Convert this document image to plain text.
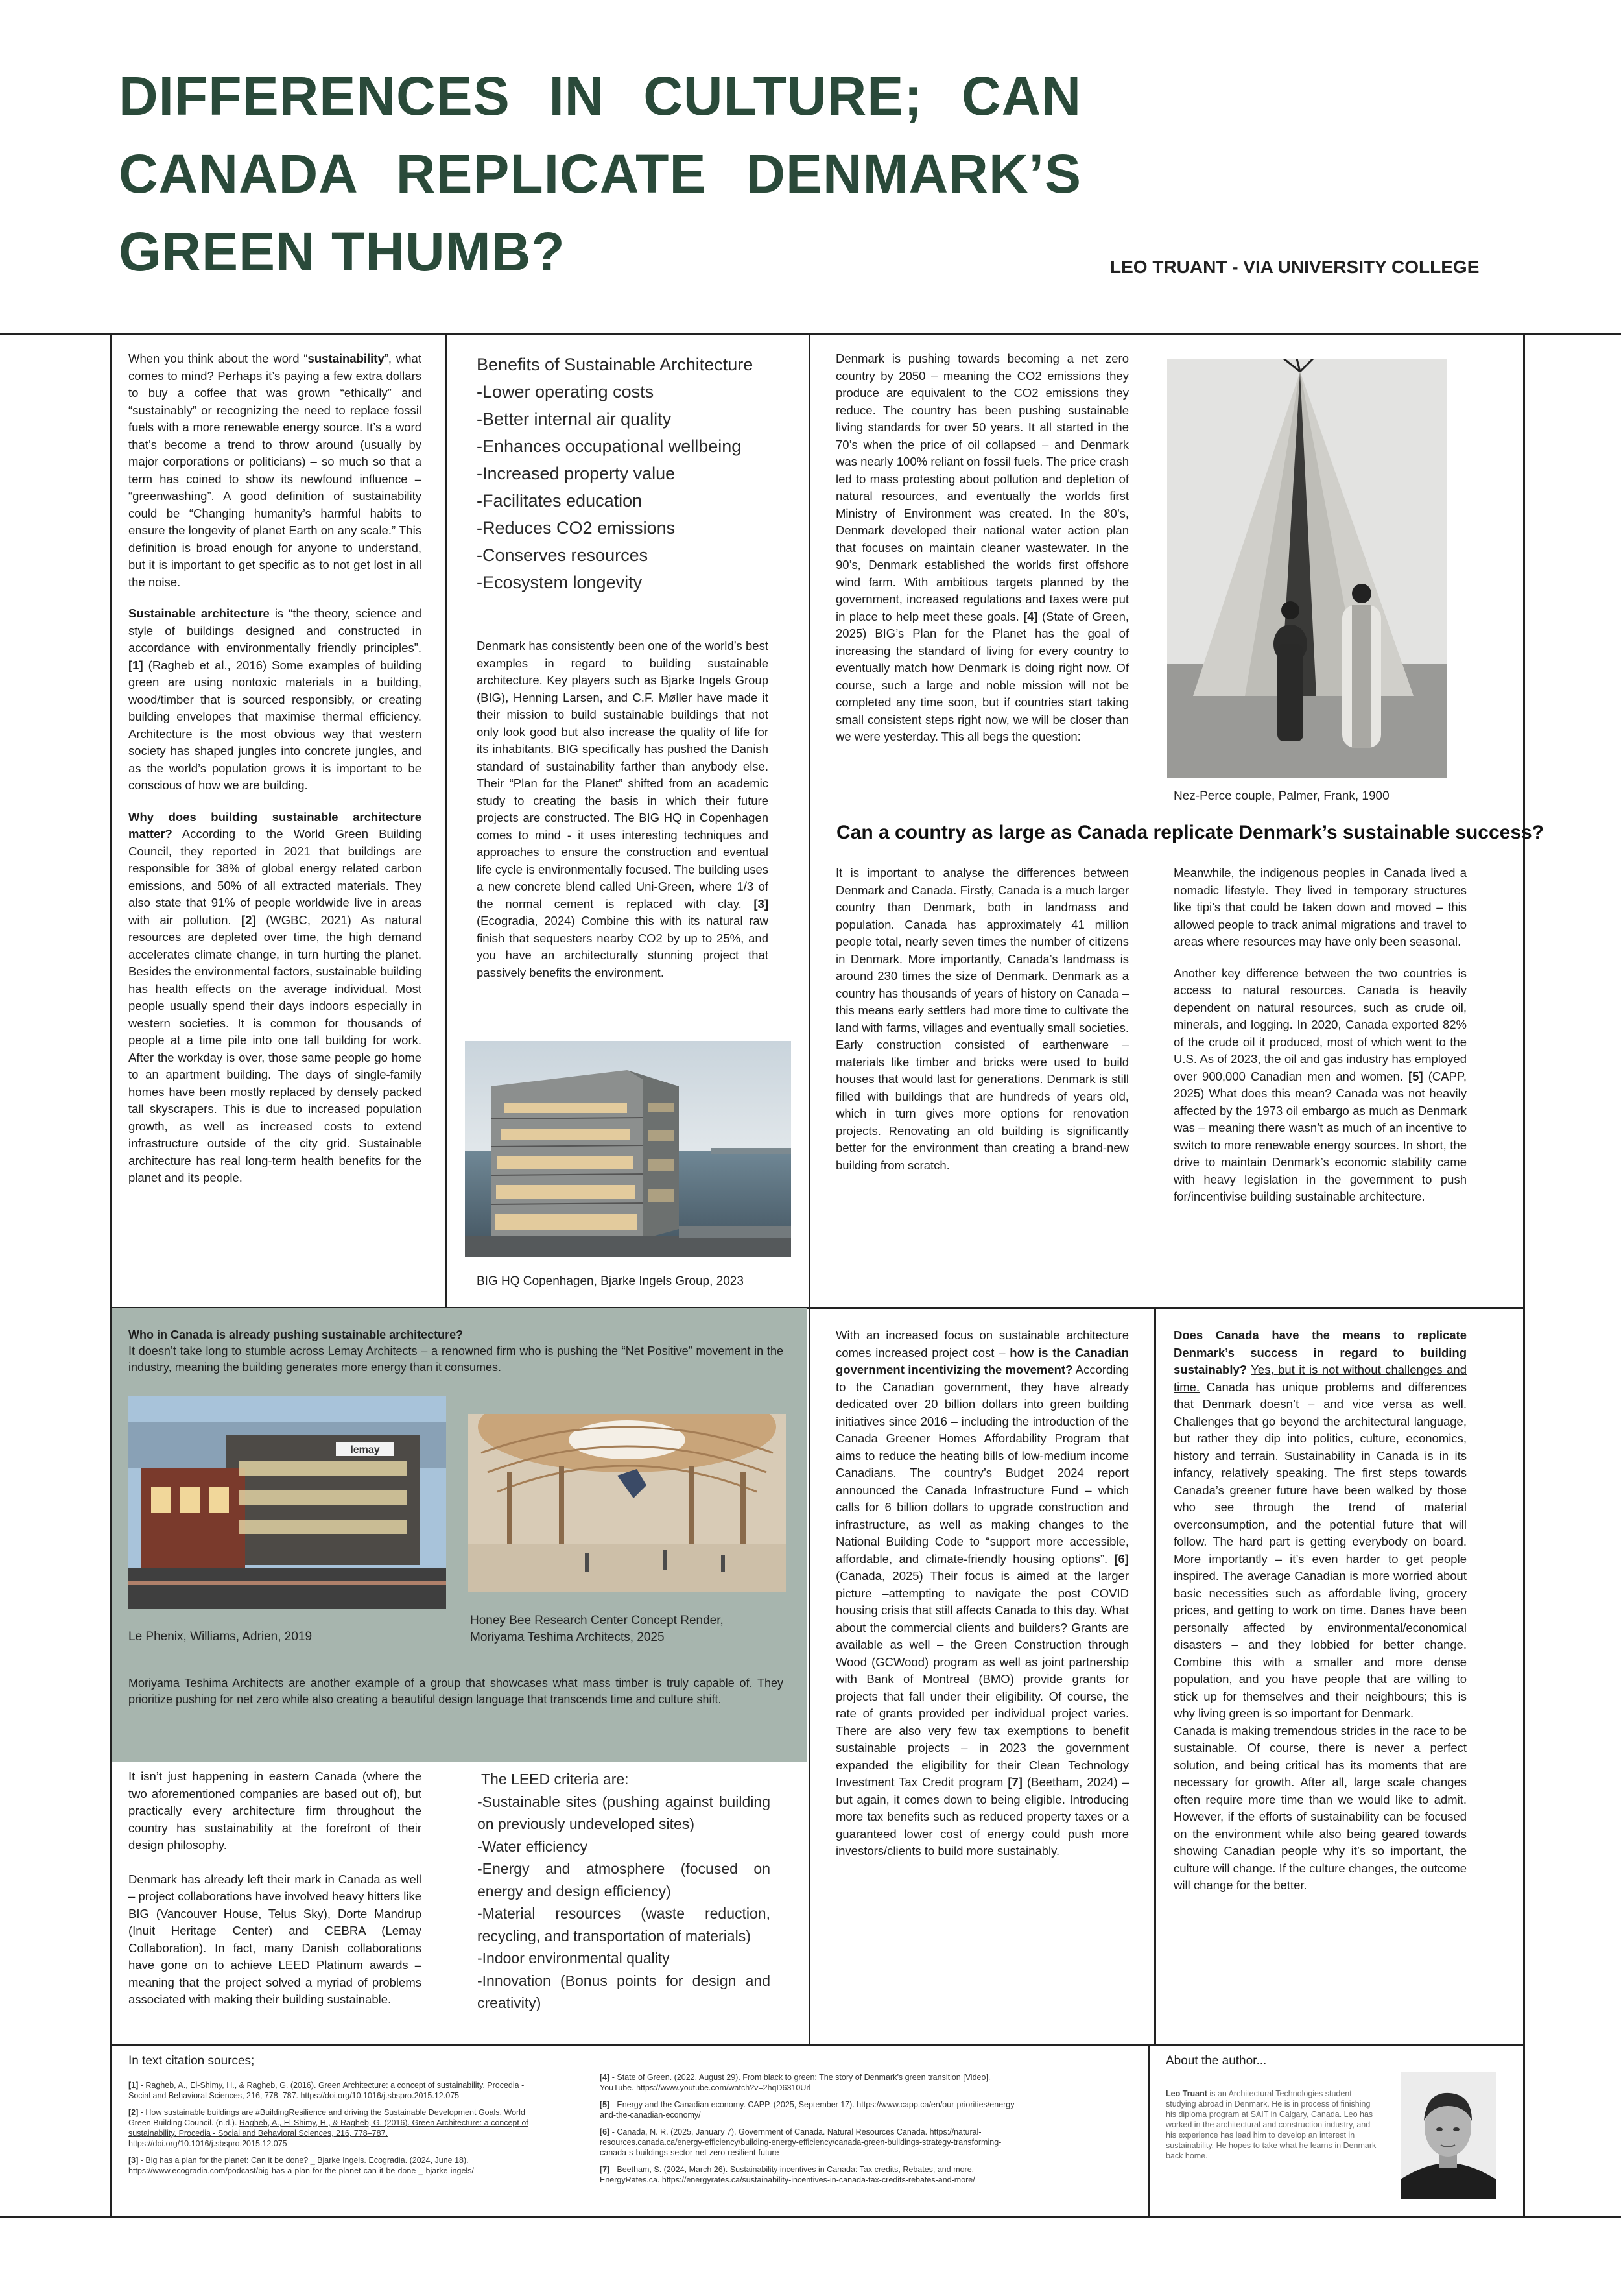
DIFFERENCES IN CULTURE; CAN
CANADA REPLICATE DENMARK’S
GREEN THUMB?	LEO TRUANT - VIA UNIVERSITY COLLEGE

When you think about the word “sustainability”, what comes to mind? Perhaps it’s paying a few extra dollars to buy a coffee that was grown “ethically” and “sustainably” or recognizing the need to replace fossil fuels with a more renewable energy source. It’s a word that’s become a trend to throw around (usually by major corporations or politicians) – so much so that a term has coined to show its newfound influence – “greenwashing”. A good definition of sustainability could be “Changing humanity’s harmful habits to ensure the longevity of planet Earth on any scale.” This definition is broad enough for anyone to understand, but it is important to get specific as to not get lost in all the noise.

Sustainable architecture is “the theory, science and style of buildings designed and constructed in accordance with environmentally friendly principles”. [1] (Ragheb et al., 2016) Some examples of building green are using nontoxic materials in a building, wood/timber that is sourced responsibly, or creating building envelopes that maximise thermal efficiency. Architecture is the most obvious way that western society has shaped jungles into concrete jungles, and as the world’s population grows it is important to be conscious of how we are building.

Why does building sustainable architecture matter? According to the World Green Building Council, they reported in 2021 that buildings are responsible for 38% of global energy related carbon emissions, and 50% of all extracted materials. They also state that 91% of people worldwide live in areas with air pollution. [2] (WGBC, 2021) As natural resources are depleted over time, the high demand accelerates climate change, in turn hurting the planet. Besides the environmental factors, sustainable building has health effects on the average individual. Most people usually spend their days indoors especially in western societies. It is common for thousands of people at a time pile into one tall building for work. After the workday is over, those same people go home to an apartment building. The days of single-family homes have been mostly replaced by densely packed tall skyscrapers. This is due to increased population growth, as well as increased costs to extend infrastructure outside of the city grid. Sustainable architecture has real long-term health benefits for the planet and its people.

Benefits of Sustainable Architecture
-Lower operating costs
-Better internal air quality
-Enhances occupational wellbeing
-Increased property value
-Facilitates education
-Reduces CO2 emissions
-Conserves resources
-Ecosystem longevity

Denmark has consistently been one of the world’s best examples in regard to building sustainable architecture. Key players such as Bjarke Ingels Group (BIG), Henning Larsen, and C.F. Møller have made it their mission to build sustainable buildings that not only look good but also increase the quality of life for its inhabitants. BIG specifically has pushed the Danish standard of sustainability farther than anybody else. Their “Plan for the Planet” shifted from an academic study to creating the basis in which their future projects are constructed. The BIG HQ in Copenhagen comes to mind - it uses interesting techniques and approaches to ensure the construction and eventual life cycle is environmentally focused. The building uses a new concrete blend called Uni-Green, where 1/3 of the normal cement is replaced with clay. [3] (Ecogradia, 2024) Combine this with its natural raw finish that sequesters nearby CO2 by up to 25%, and you have an architecturally stunning project that passively benefits the environment.

BIG HQ Copenhagen, Bjarke Ingels Group, 2023

Denmark is pushing towards becoming a net zero country by 2050 – meaning the CO2 emissions they produce are equivalent to the CO2 emissions they reduce. The country has been pushing sustainable living standards for over 50 years. It all started in the 70’s when the price of oil collapsed – and Denmark was nearly 100% reliant on fossil fuels. The price crash led to mass protesting about pollution and depletion of natural resources, and eventually the worlds first Ministry of Environment was created. In the 80’s, Denmark developed their national water action plan that focuses on maintain cleaner wastewater. In the 90’s, Denmark established the worlds first offshore wind farm. With ambitious targets planned by the government, increased regulations and taxes were put in place to help meet these goals. [4] (State of Green, 2025) BIG’s Plan for the Planet has the goal of increasing the standard of living for every country to eventually match how Denmark is doing right now. Of course, such a large and noble mission will not be completed any time soon, but if countries start taking small consistent steps right now, we will be closer than we were yesterday. This all begs the question:

Nez-Perce couple, Palmer, Frank, 1900
Can a country as large as Canada replicate Denmark’s sustainable success?

It is important to analyse the differences between Denmark and Canada. Firstly, Canada is a much larger country than Denmark, both in landmass and population. Canada has approximately 41 million people total, nearly seven times the number of citizens in Denmark. More importantly, Canada’s landmass is around 230 times the size of Denmark. Denmark as a country has thousands of years of history on Canada – this means early settlers had more time to cultivate the land with farms, villages and eventually small societies. Early construction consisted of earthenware – materials like timber and bricks were used to build houses that would last for generations. Denmark is still filled with buildings that are hundreds of years old, which in turn gives more options for renovation projects. Renovating an old building is significantly better for the environment than creating a brand-new building from scratch.

Meanwhile, the indigenous peoples in Canada lived a nomadic lifestyle. They lived in temporary structures like tipi’s that could be taken down and moved – this allowed people to track animal migrations and travel to areas where resources may have only been seasonal.

Another key difference between the two countries is access to natural resources. Canada is heavily dependent on natural resources, such as crude oil, minerals, and logging. In 2020, Canada exported 82% of the crude oil it produced, most of which went to the U.S. As of 2023, the oil and gas industry has employed over 900,000 Canadian men and women. [5] (CAPP, 2025) What does this mean? Canada was not heavily affected by the 1973 oil embargo as much as Denmark was – meaning there wasn’t as much of an incentive to switch to more renewable energy sources. In short, the drive to maintain Denmark’s economic stability came with heavy legislation in the government to push for/incentivise building sustainable architecture.

Who in Canada is already pushing sustainable architecture?
It doesn’t take long to stumble across Lemay Architects – a renowned firm who is pushing the “Net Positive” movement in the industry, meaning the building generates more energy than it consumes.
lemay
Le Phenix, Williams, Adrien, 2019
Honey Bee Research Center Concept Render,
Moriyama Teshima Architects, 2025
Moriyama Teshima Architects are another example of a group that showcases what mass timber is truly capable of. They prioritize pushing for net zero while also creating a beautiful design language that transcends time and culture shift.

It isn’t just happening in eastern Canada (where the two aforementioned companies are based out of), but practically every architecture firm throughout the country has sustainability at the forefront of their design philosophy.

Denmark has already left their mark in Canada as well – project collaborations have involved heavy hitters like BIG (Vancouver House, Telus Sky), Dorte Mandrup (Inuit Heritage Center) and CEBRA (Lemay Collaboration). In fact, many Danish collaborations have gone on to achieve LEED Platinum awards – meaning that the project solved a myriad of problems associated with making their building sustainable.

The LEED criteria are:
-Sustainable sites (pushing against building on previously undeveloped sites)
-Water efficiency
-Energy and atmosphere (focused on energy and design efficiency)
-Material resources (waste reduction, recycling, and transportation of materials)
-Indoor environmental quality
-Innovation (Bonus points for design and creativity)

With an increased focus on sustainable architecture comes increased project cost – how is the Canadian government incentivizing the movement? According to the Canadian government, they have already dedicated over 20 billion dollars into green building initiatives since 2016 – including the introduction of the Canada Greener Homes Affordability Program that aims to reduce the heating bills of low-medium income Canadians. The country’s Budget 2024 report announced the Canada Infrastructure Fund – which calls for 6 billion dollars to upgrade construction and infrastructure, as well as making changes to the National Building Code to “support more accessible, affordable, and climate-friendly housing options”. [6] (Canada, 2025) Their focus is aimed at the larger picture –attempting to navigate the post COVID housing crisis that still affects Canada to this day. What about the commercial clients and builders? Grants are available as well – the Green Construction through Wood (GCWood) program as well as joint partnership with Bank of Montreal (BMO) provide grants for projects that fall under their eligibility. Of course, the rate of grants provided per individual project varies. There are also very few tax exemptions to benefit sustainable projects – in 2023 the government expanded the eligibility for their Clean Technology Investment Tax Credit program [7] (Beetham, 2024) – but again, it comes down to being eligible. Introducing more tax benefits such as reduced property taxes or a guaranteed lower cost of energy could push more investors/clients to build more sustainably.

Does Canada have the means to replicate Denmark’s success in regard to building sustainably? Yes, but it is not without challenges and time. Canada has unique problems and differences that Denmark doesn’t – and vice versa as well. Challenges that go beyond the architectural language, but rather they dip into politics, culture, economics, history and terrain. Sustainability in Canada is in its infancy, relatively speaking. The first steps towards Canada’s greener future have been walked by those who see through the trend of material overconsumption, and the potential future that will follow. The hard part is getting everybody on board. More importantly – it’s even harder to get people inspired. The average Canadian is more worried about basic necessities such as affordable living, grocery prices, and getting to work on time. Danes have been personally affected by environmental/economical disasters – and they lobbied for better change. Combine this with a smaller and more dense population, and you have people that are willing to stick up for themselves and their neighbours; this is why living green is so important for Denmark.

Canada is making tremendous strides in the race to be sustainable. Of course, there is never a perfect solution, and being critical has its moments that are necessary for growth. After all, large scale changes often require more time than we would like to admit. However, if the efforts of sustainability can be focused on the environment while also being geared towards showing Canadian people why it’s so important, the culture will change. If the culture changes, the outcome will change for the better.

In text citation sources;

[1] - Ragheb, A., El-Shimy, H., & Ragheb, G. (2016). Green Architecture: a concept of sustainability. Procedia - Social and Behavioral Sciences, 216, 778–787. https://doi.org/10.1016/j.sbspro.2015.12.075

[2] - How sustainable buildings are #BuildingResilience and driving the Sustainable Development Goals. World Green Building Council. (n.d.). Ragheb, A., El-Shimy, H., & Ragheb, G. (2016). Green Architecture: a concept of sustainability. Procedia - Social and Behavioral Sciences, 216, 778–787. https://doi.org/10.1016/j.sbspro.2015.12.075

[3] - Big has a plan for the planet: Can it be done? _ Bjarke Ingels. Ecogradia. (2024, June 18). https://www.ecogradia.com/podcast/big-has-a-plan-for-the-planet-can-it-be-done-_-bjarke-ingels/

[4] - State of Green. (2022, August 29). From black to green: The story of Denmark’s green transition [Video]. YouTube. https://www.youtube.com/watch?v=2hqD6310Url

[5] - Energy and the Canadian economy. CAPP. (2025, September 17). https://www.capp.ca/en/our-priorities/energy-and-the-canadian-economy/

[6] - Canada, N. R. (2025, January 7). Government of Canada. Natural Resources Canada. https://natural-resources.canada.ca/energy-efficiency/building-energy-efficiency/canada-green-buildings-strategy-transforming-canada-s-buildings-sector-net-zero-resilient-future

[7] - Beetham, S. (2024, March 26). Sustainability incentives in Canada: Tax credits, Rebates, and more. EnergyRates.ca. https://energyrates.ca/sustainability-incentives-in-canada-tax-credits-rebates-and-more/

About the author...
Leo Truant is an Architectural Technologies student studying abroad in Denmark. He is in process of finishing his diploma program at SAIT in Calgary, Canada. Leo has worked in the architectural and construction industry, and his experience has lead him to develop an interest in sustainability. He hopes to take what he learns in Denmark back home.
